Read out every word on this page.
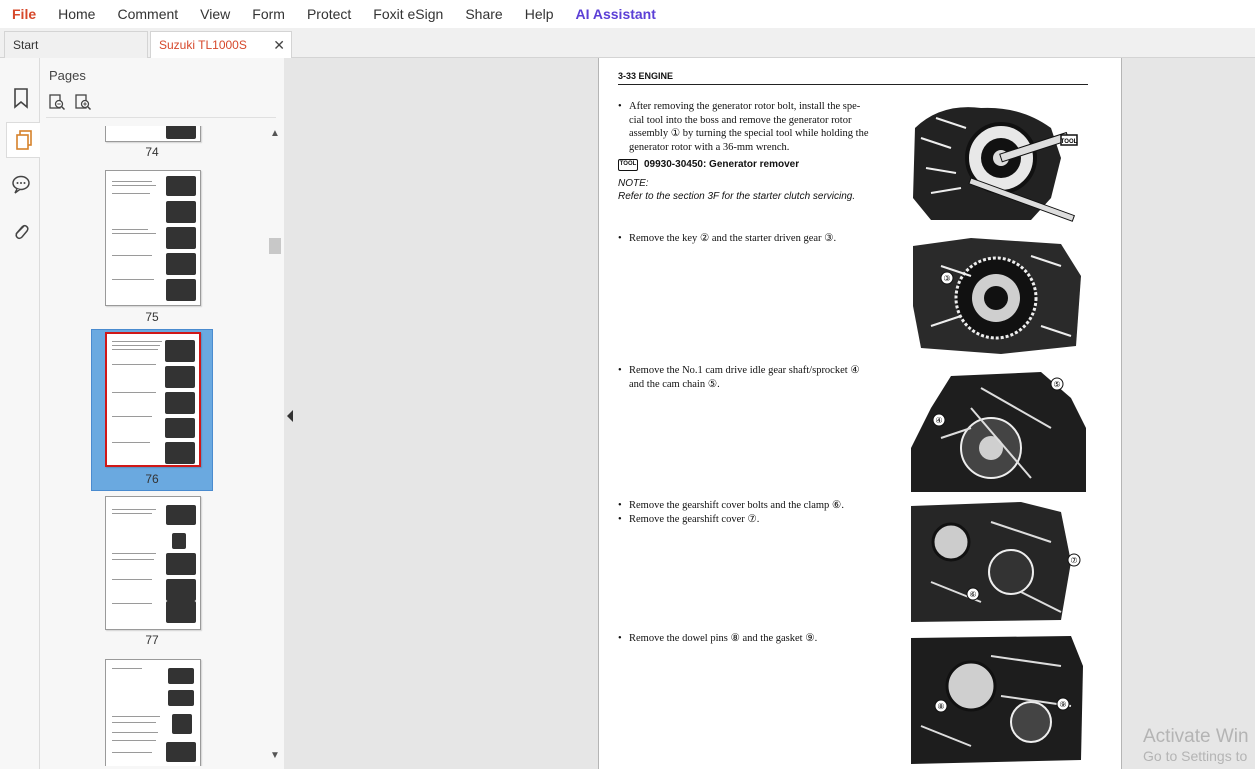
File	Home	Comment	View	Form	Protect	Foxit eSign	Share	Help	AI Assistant
Start	Suzuki TL1000S ✕
Pages
74
75
76
77
▲
▼
3-33 ENGINE
• After removing the generator rotor bolt, install the spe-
cial tool into the boss and remove the generator rotor
assembly ① by turning the special tool while holding the
generator rotor with a 36-mm wrench.
TOOL 09930-30450: Generator remover
NOTE:
Refer to the section 3F for the starter clutch servicing.
TOOL
• Remove the key ② and the starter driven gear ③.
③
• Remove the No.1 cam drive idle gear shaft/sprocket ④
and the cam chain ⑤.
④
⑤
• Remove the gearshift cover bolts and the clamp ⑥.
• Remove the gearshift cover ⑦.
⑦
⑥
• Remove the dowel pins ⑧ and the gasket ⑨.
⑧	⑨
Activate Win
Go to Settings to
